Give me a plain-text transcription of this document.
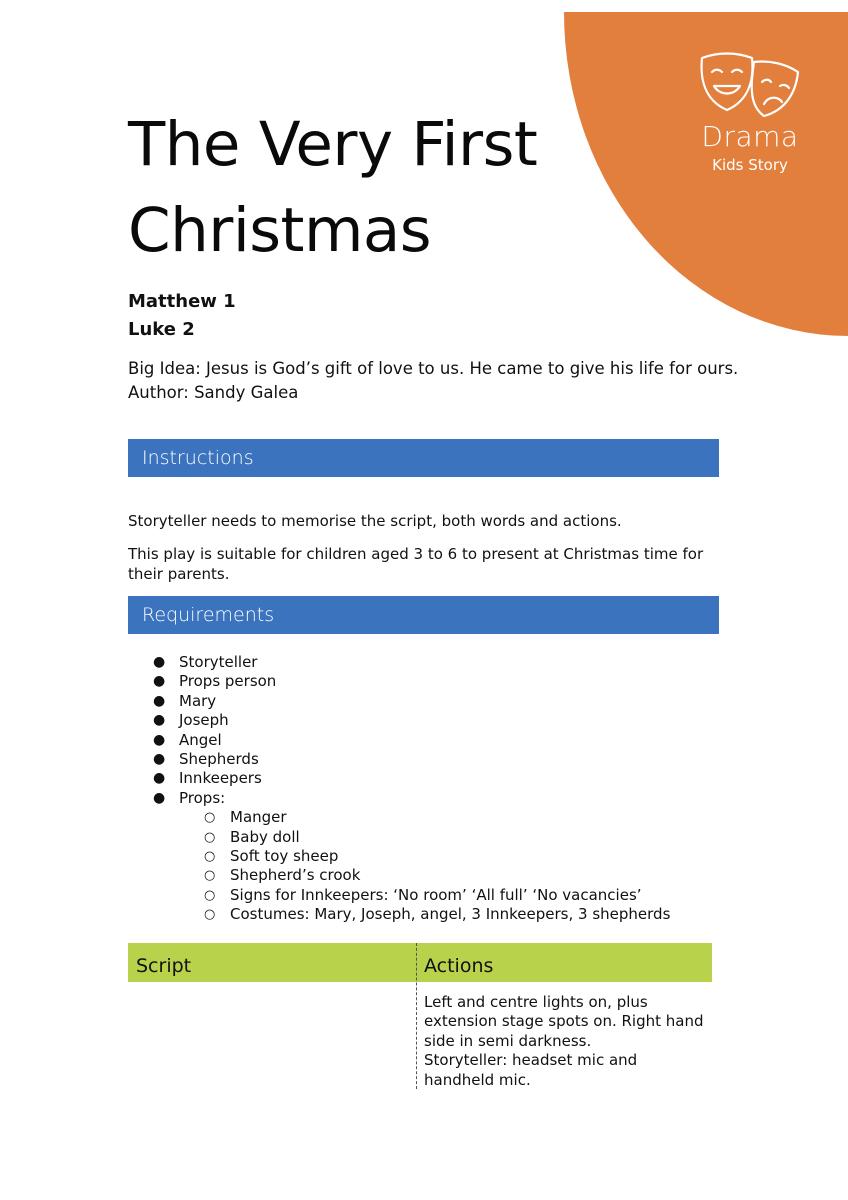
Drama
Kids Story
The Very First Christmas

Matthew 1

Luke 2

Big Idea: Jesus is God’s gift of love to us. He came to give his life for ours.

Author: Sandy Galea

Instructions

Storyteller needs to memorise the script, both words and actions.

This play is suitable for children aged 3 to 6 to present at Christmas time for their parents.

Requirements
● Storyteller
● Props person
● Mary
● Joseph
● Angel
● Shepherds
● Innkeepers
● Props:
○ Manger
○ Baby doll
○ Soft toy sheep
○ Shepherd’s crook
○ Signs for Innkeepers: ‘No room’ ‘All full’ ‘No vacancies’
○ Costumes: Mary, Joseph, angel, 3 Innkeepers, 3 shepherds
Script	Actions

Left and centre lights on, plus extension stage spots on. Right hand side in semi darkness.
Storyteller: headset mic and handheld mic.
